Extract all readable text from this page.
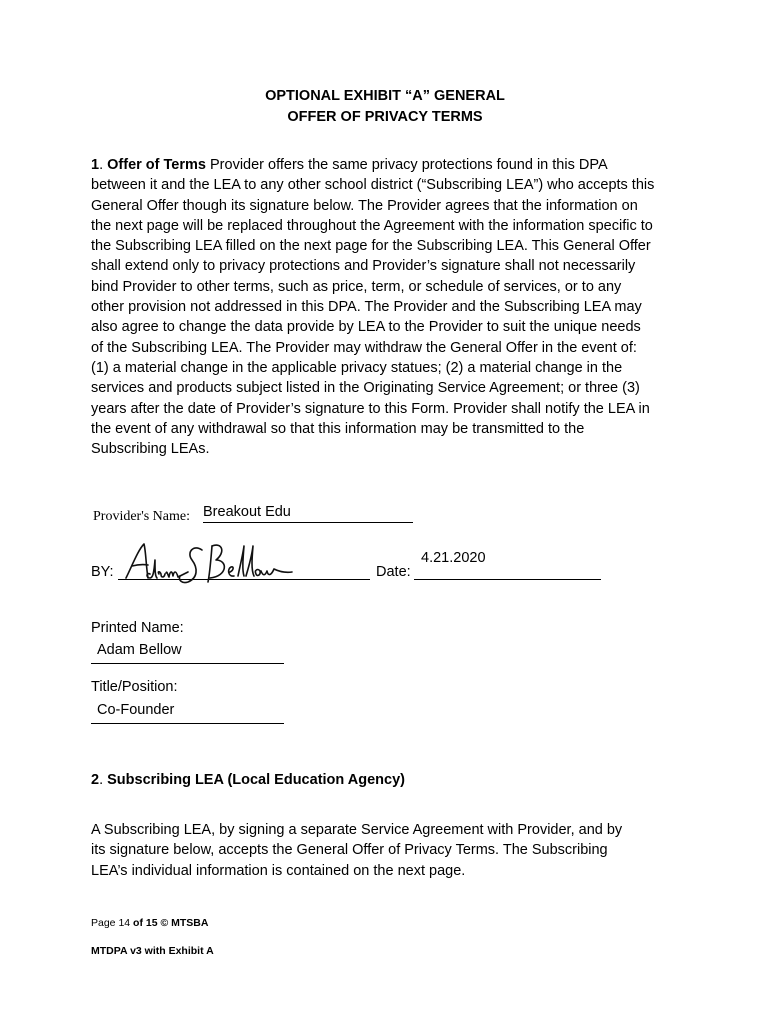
OPTIONAL EXHIBIT “A” GENERAL
OFFER OF PRIVACY TERMS

1. Offer of Terms Provider offers the same privacy protections found in this DPA
between it and the LEA to any other school district (“Subscribing LEA”) who accepts this
General Offer though its signature below. The Provider agrees that the information on
the next page will be replaced throughout the Agreement with the information specific to
the Subscribing LEA filled on the next page for the Subscribing LEA. This General Offer
shall extend only to privacy protections and Provider’s signature shall not necessarily
bind Provider to other terms, such as price, term, or schedule of services, or to any
other provision not addressed in this DPA. The Provider and the Subscribing LEA may
also agree to change the data provide by LEA to the Provider to suit the unique needs
of the Subscribing LEA. The Provider may withdraw the General Offer in the event of:
(1) a material change in the applicable privacy statues; (2) a material change in the
services and products subject listed in the Originating Service Agreement; or three (3)
years after the date of Provider’s signature to this Form. Provider shall notify the LEA in
the event of any withdrawal so that this information may be transmitted to the
Subscribing LEAs.

Provider's Name: Breakout Edu
BY:	Date:
4.21.2020
Printed Name:
Adam Bellow
Title/Position:
Co-Founder
2. Subscribing LEA (Local Education Agency)

A Subscribing LEA, by signing a separate Service Agreement with Provider, and by
its signature below, accepts the General Offer of Privacy Terms. The Subscribing
LEA’s individual information is contained on the next page.

Page 14 of 15 © MTSBA
MTDPA v3 with Exhibit A
